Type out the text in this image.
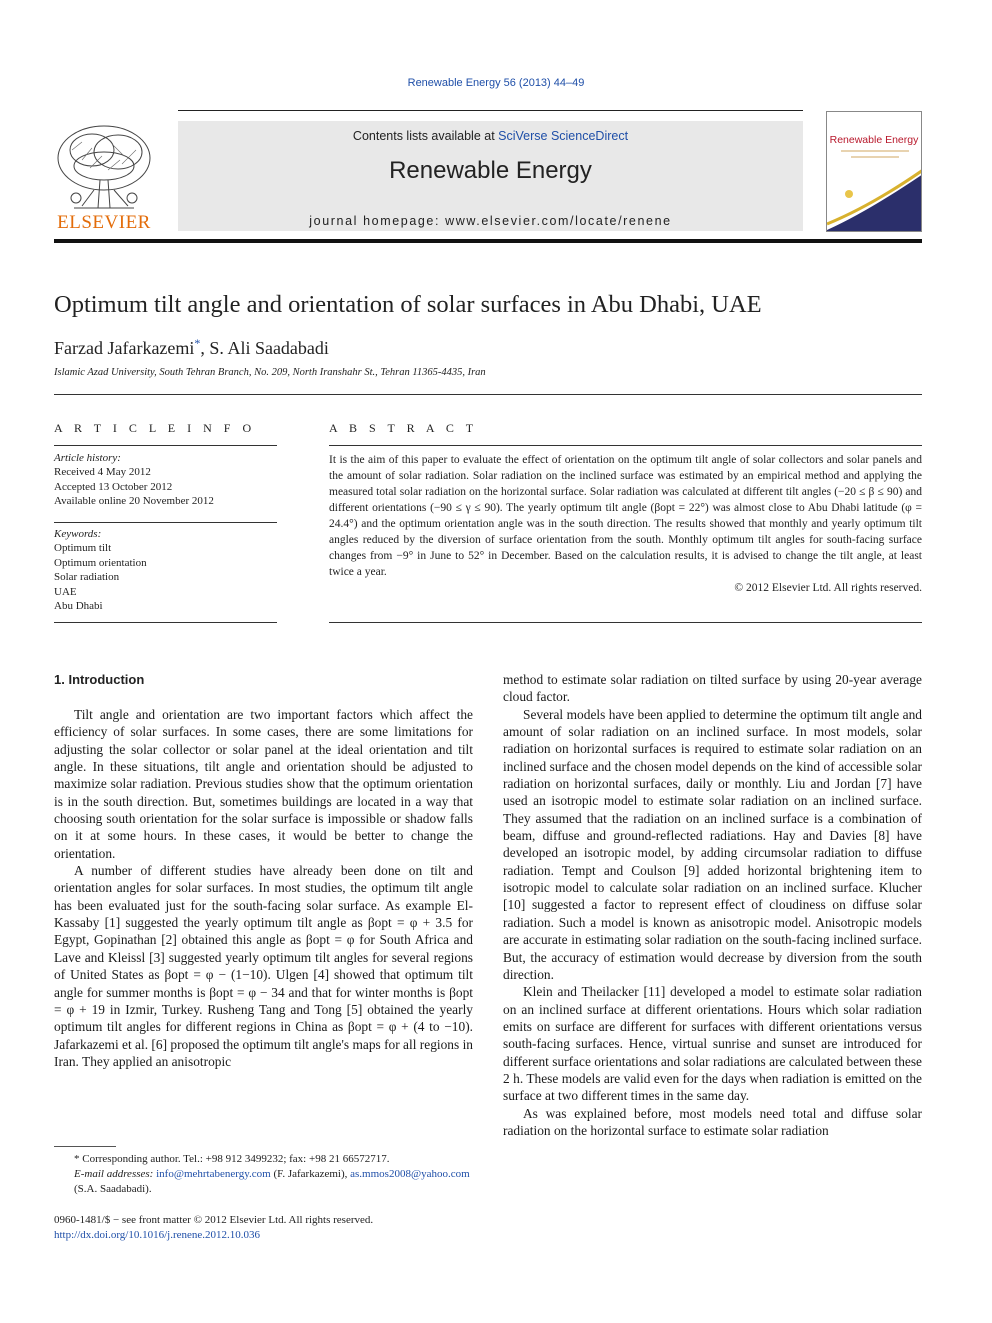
Renewable Energy 56 (2013) 44–49
ELSEVIER
Contents lists available at SciVerse ScienceDirect
Renewable Energy
journal homepage: www.elsevier.com/locate/renene
Renewable Energy
Optimum tilt angle and orientation of solar surfaces in Abu Dhabi, UAE
Farzad Jafarkazemi*, S. Ali Saadabadi
Islamic Azad University, South Tehran Branch, No. 209, North Iranshahr St., Tehran 11365-4435, Iran
A R T I C L E I N F O
Article history:
Received 4 May 2012
Accepted 13 October 2012
Available online 20 November 2012
Keywords:
Optimum tilt
Optimum orientation
Solar radiation
UAE
Abu Dhabi
A B S T R A C T

It is the aim of this paper to evaluate the effect of orientation on the optimum tilt angle of solar collectors and solar panels and the amount of solar radiation. Solar radiation on the inclined surface was estimated by an empirical method and applying the measured total solar radiation on the horizontal surface. Solar radiation was calculated at different tilt angles (−20 ≤ β ≤ 90) and different orientations (−90 ≤ γ ≤ 90). The yearly optimum tilt angle (βopt = 22°) was almost close to Abu Dhabi latitude (φ = 24.4°) and the optimum orientation angle was in the south direction. The results showed that monthly and yearly optimum tilt angles reduced by the diversion of surface orientation from the south. Monthly optimum tilt angles for south-facing surface changes from −9° in June to 52° in December. Based on the calculation results, it is advised to change the tilt angle, at least twice a year.

© 2012 Elsevier Ltd. All rights reserved.

1. Introduction

Tilt angle and orientation are two important factors which affect the efficiency of solar surfaces. In some cases, there are some limitations for adjusting the solar collector or solar panel at the ideal orientation and tilt angle. In these situations, tilt angle and orientation should be adjusted to maximize solar radiation. Previous studies show that the optimum orientation is in the south direction. But, sometimes buildings are located in a way that choosing south orientation for the solar surface is impossible or shadow falls on it at some hours. In these cases, it would be better to change the orientation.

A number of different studies have already been done on tilt and orientation angles for solar surfaces. In most studies, the optimum tilt angle has been evaluated just for the south-facing solar surface. As example El-Kassaby [1] suggested the yearly optimum tilt angle as βopt = φ + 3.5 for Egypt, Gopinathan [2] obtained this angle as βopt = φ for South Africa and Lave and Kleissl [3] suggested yearly optimum tilt angles for several regions of United States as βopt = φ − (1−10). Ulgen [4] showed that optimum tilt angle for summer months is βopt = φ − 34 and that for winter months is βopt = φ + 19 in Izmir, Turkey. Rusheng Tang and Tong [5] obtained the yearly optimum tilt angles for different regions in China as βopt = φ + (4 to −10). Jafarkazemi et al. [6] proposed the optimum tilt angle's maps for all regions in Iran. They applied an anisotropic

method to estimate solar radiation on tilted surface by using 20-year average cloud factor.

Several models have been applied to determine the optimum tilt angle and amount of solar radiation on an inclined surface. In most models, solar radiation on horizontal surfaces is required to estimate solar radiation on an inclined surface and the chosen model depends on the kind of accessible solar radiation on horizontal surfaces, daily or monthly. Liu and Jordan [7] have used an isotropic model to estimate solar radiation on an inclined surface. They assumed that the radiation on an inclined surface is a combination of beam, diffuse and ground-reflected radiations. Hay and Davies [8] have developed an isotropic model, by adding circumsolar radiation to diffuse radiation. Tempt and Coulson [9] added horizontal brightening item to isotropic model to calculate solar radiation on an inclined surface. Klucher [10] suggested a factor to represent effect of cloudiness on diffuse solar radiation. Such a model is known as anisotropic model. Anisotropic models are accurate in estimating solar radiation on the south-facing inclined surface. But, the accuracy of estimation would decrease by diversion from the south direction.

Klein and Theilacker [11] developed a model to estimate solar radiation on an inclined surface at different orientations. Hours which solar radiation emits on surface are different for surfaces with different orientations versus south-facing surfaces. Hence, virtual sunrise and sunset are introduced for different surface orientations and solar radiations are calculated between these 2 h. These models are valid even for the days when radiation is emitted on the surface at two different times in the same day.

As was explained before, most models need total and diffuse solar radiation on the horizontal surface to estimate solar radiation

* Corresponding author. Tel.: +98 912 3499232; fax: +98 21 66572717.
E-mail addresses: info@mehrtabenergy.com (F. Jafarkazemi), as.mmos2008@yahoo.com (S.A. Saadabadi).
0960-1481/$ − see front matter © 2012 Elsevier Ltd. All rights reserved.
http://dx.doi.org/10.1016/j.renene.2012.10.036
